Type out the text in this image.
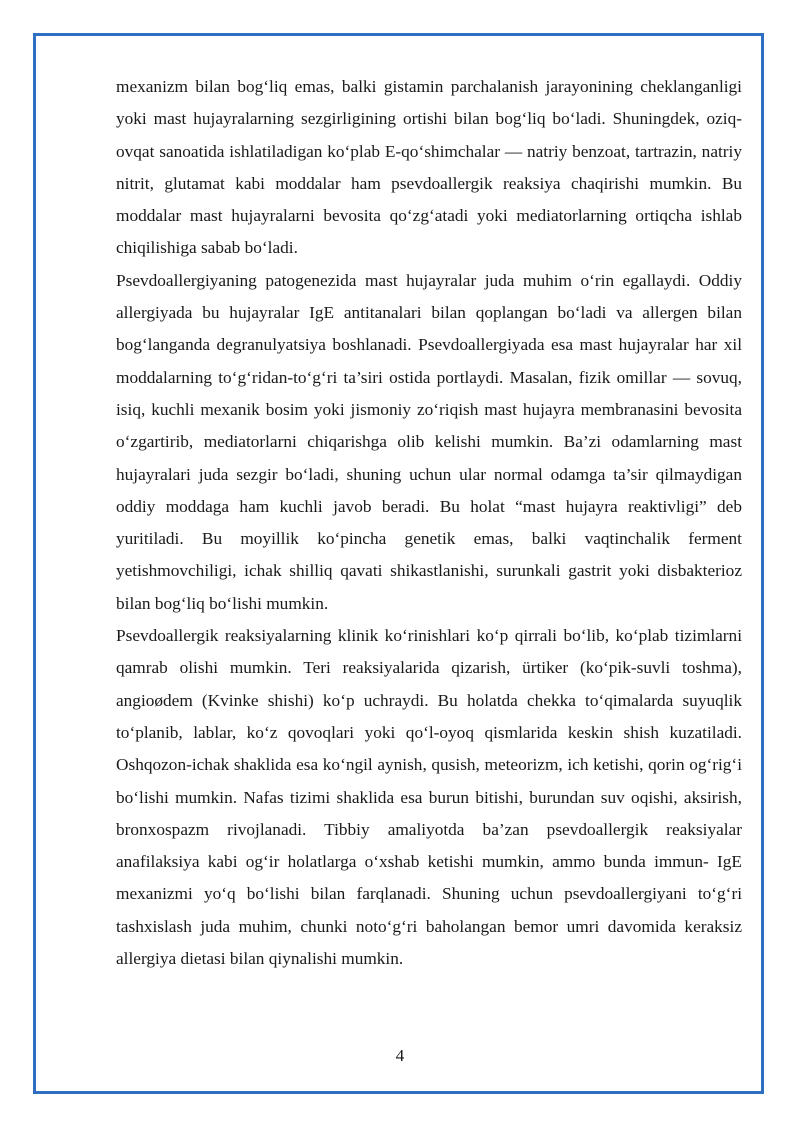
mexanizm bilan bog‘liq emas, balki gistamin parchalanish jarayonining cheklanganligi yoki mast hujayralarning sezgirligining ortishi bilan bog‘liq bo‘ladi. Shuningdek, oziq-ovqat sanoatida ishlatiladigan ko‘plab E-qo‘shimchalar — natriy benzoat, tartrazin, natriy nitrit, glutamat kabi moddalar ham psevdoallergik reaksiya chaqirishi mumkin. Bu moddalar mast hujayralarni bevosita qo‘zg‘atadi yoki mediatorlarning ortiqcha ishlab chiqilishiga sabab bo‘ladi.

Psevdoallergiyaning patogenezida mast hujayralar juda muhim o‘rin egallaydi. Oddiy allergiyada bu hujayralar IgE antitanalari bilan qoplangan bo‘ladi va allergen bilan bog‘langanda degranulyatsiya boshlanadi. Psevdoallergiyada esa mast hujayralar har xil moddalarning to‘g‘ridan-to‘g‘ri ta’siri ostida portlaydi. Masalan, fizik omillar — sovuq, isiq, kuchli mexanik bosim yoki jismoniy zo‘riqish mast hujayra membranasini bevosita o‘zgartirib, mediatorlarni chiqarishga olib kelishi mumkin. Ba’zi odamlarning mast hujayralari juda sezgir bo‘ladi, shuning uchun ular normal odamga ta’sir qilmaydigan oddiy moddaga ham kuchli javob beradi. Bu holat “mast hujayra reaktivligi” deb yuritiladi. Bu moyillik ko‘pincha genetik emas, balki vaqtinchalik ferment yetishmovchiligi, ichak shilliq qavati shikastlanishi, surunkali gastrit yoki disbakterioz bilan bog‘liq bo‘lishi mumkin.

Psevdoallergik reaksiyalarning klinik ko‘rinishlari ko‘p qirrali bo‘lib, ko‘plab tizimlarni qamrab olishi mumkin. Teri reaksiyalarida qizarish, ürtiker (ko‘pik-suvli toshma), angioødem (Kvinke shishi) ko‘p uchraydi. Bu holatda chekka to‘qimalarda suyuqlik to‘planib, lablar, ko‘z qovoqlari yoki qo‘l-oyoq qismlarida keskin shish kuzatiladi. Oshqozon-ichak shaklida esa ko‘ngil aynish, qusish, meteorizm, ich ketishi, qorin og‘rig‘i bo‘lishi mumkin. Nafas tizimi shaklida esa burun bitishi, burundan suv oqishi, aksirish, bronxospazm rivojlanadi. Tibbiy amaliyotda ba’zan psevdoallergik reaksiyalar anafilaksiya kabi og‘ir holatlarga o‘xshab ketishi mumkin, ammo bunda immun- IgE mexanizmi yo‘q bo‘lishi bilan farqlanadi. Shuning uchun psevdoallergiyani to‘g‘ri tashxislash juda muhim, chunki noto‘g‘ri baholangan bemor umri davomida keraksiz allergiya dietasi bilan qiynalishi mumkin.

4
